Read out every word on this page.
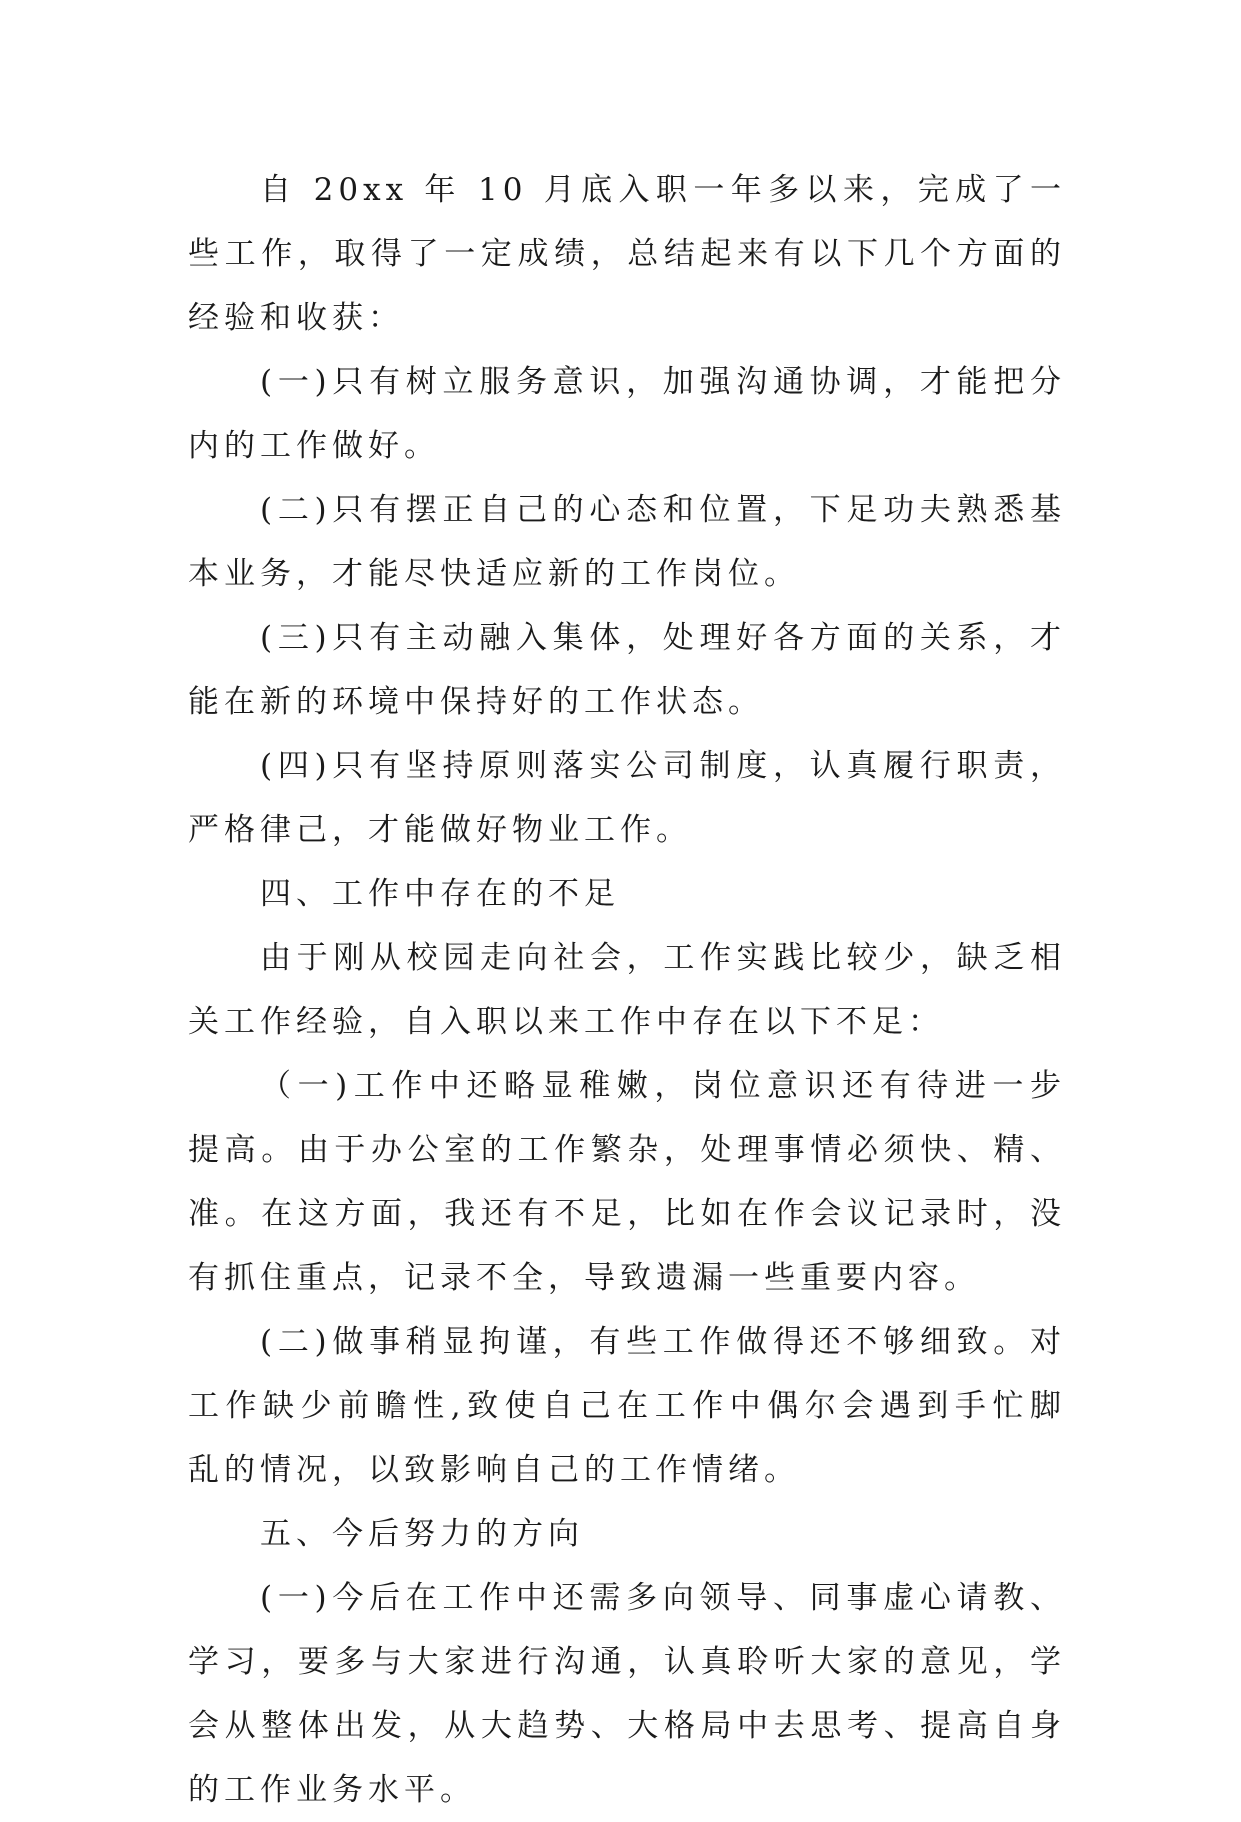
自 20xx 年 10 月底入职一年多以来，完成了一些工作，取得了一定成绩，总结起来有以下几个方面的经验和收获：

(一)只有树立服务意识，加强沟通协调，才能把分内的工作做好。

(二)只有摆正自己的心态和位置，下足功夫熟悉基本业务，才能尽快适应新的工作岗位。

(三)只有主动融入集体，处理好各方面的关系，才能在新的环境中保持好的工作状态。

(四)只有坚持原则落实公司制度，认真履行职责，严格律己，才能做好物业工作。

四、工作中存在的不足

由于刚从校园走向社会，工作实践比较少，缺乏相关工作经验，自入职以来工作中存在以下不足：

（一)工作中还略显稚嫩，岗位意识还有待进一步提高。由于办公室的工作繁杂，处理事情必须快、精、准。在这方面，我还有不足，比如在作会议记录时，没有抓住重点，记录不全，导致遗漏一些重要内容。

(二)做事稍显拘谨，有些工作做得还不够细致。对工作缺少前瞻性,致使自己在工作中偶尔会遇到手忙脚乱的情况，以致影响自己的工作情绪。

五、今后努力的方向

(一)今后在工作中还需多向领导、同事虚心请教、学习，要多与大家进行沟通，认真聆听大家的意见，学会从整体出发，从大趋势、大格局中去思考、提高自身的工作业务水平。
